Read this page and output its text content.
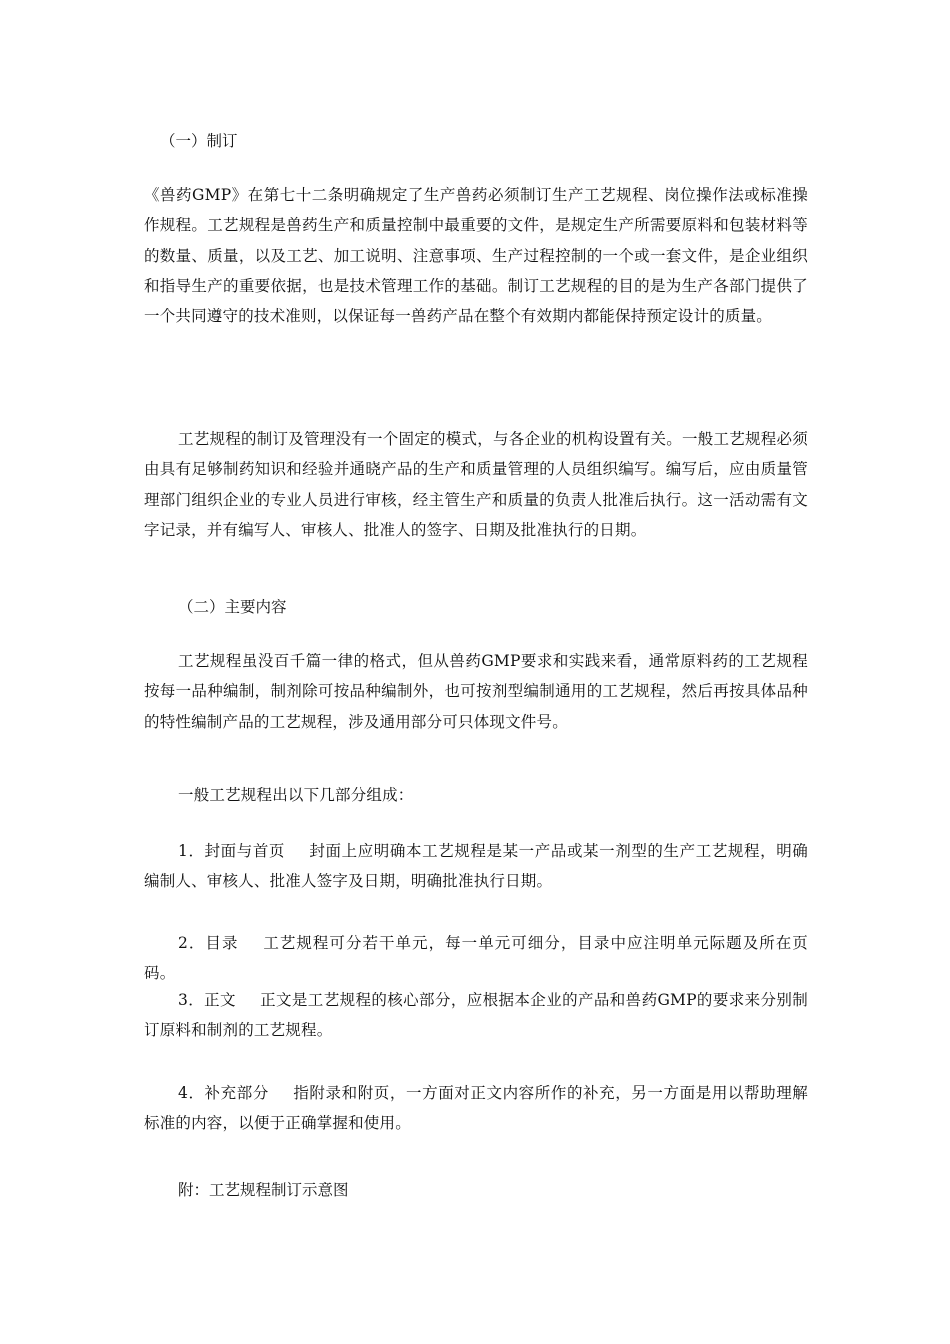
（一）制订

《兽药GMP》在第七十二条明确规定了生产兽药必须制订生产工艺规程、岗位操作法或标准操作规程。工艺规程是兽药生产和质量控制中最重要的文件，是规定生产所需要原料和包装材料等的数量、质量，以及工艺、加工说明、注意事项、生产过程控制的一个或一套文件，是企业组织和指导生产的重要依据，也是技术管理工作的基础。制订工艺规程的目的是为生产各部门提供了一个共同遵守的技术准则，以保证每一兽药产品在整个有效期内都能保持预定设计的质量。

工艺规程的制订及管理没有一个固定的模式，与各企业的机构设置有关。一般工艺规程必须由具有足够制药知识和经验并通晓产品的生产和质量管理的人员组织编写。编写后，应由质量管理部门组织企业的专业人员进行审核，经主管生产和质量的负责人批准后执行。这一活动需有文字记录，并有编写人、审核人、批准人的签字、日期及批准执行的日期。

（二）主要内容

工艺规程虽没百千篇一律的格式，但从兽药GMP要求和实践来看，通常原料药的工艺规程按每一品种编制，制剂除可按品种编制外，也可按剂型编制通用的工艺规程，然后再按具体品种的特性编制产品的工艺规程，涉及通用部分可只体现文件号。

一般工艺规程出以下几部分组成：

1．封面与首页 封面上应明确本工艺规程是某一产品或某一剂型的生产工艺规程，明确编制人、审核人、批准人签字及日期，明确批准执行日期。

2．目录 工艺规程可分若干单元，每一单元可细分，目录中应注明单元际题及所在页码。

3．正文 正文是工艺规程的核心部分，应根据本企业的产品和兽药GMP的要求来分别制订原料和制剂的工艺规程。

4．补充部分 指附录和附页，一方面对正文内容所作的补充，另一方面是用以帮助理解标准的内容，以便于正确掌握和使用。

附：工艺规程制订示意图
